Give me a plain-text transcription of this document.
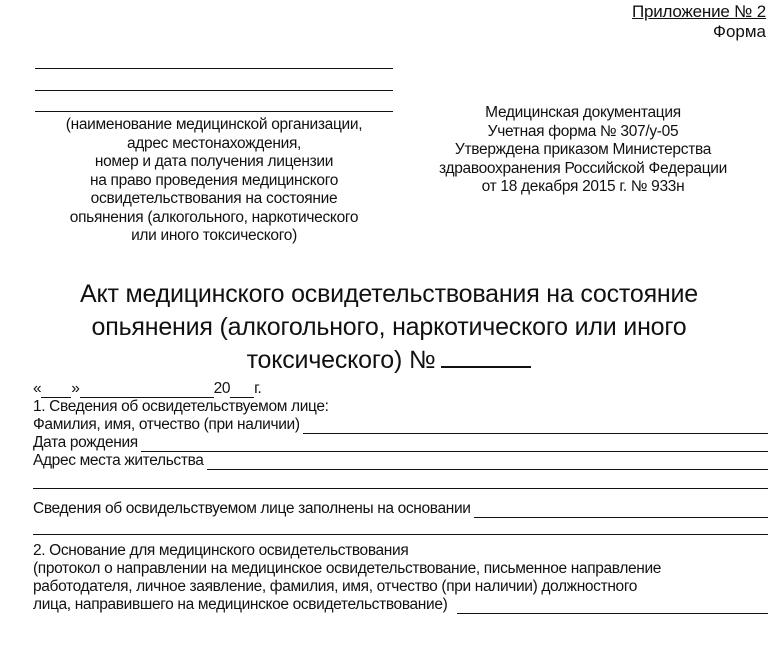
Приложение № 2
Форма
(наименование медицинской организации,
адрес местонахождения,
номер и дата получения лицензии
на право проведения медицинского
освидетельствования на состояние
опьянения (алкогольного, наркотического
или иного токсического)
Медицинская документация
Учетная форма № 307/у-05
Утверждена приказом Министерства
здравоохранения Российской Федерации
от 18 декабря 2015 г. № 933н
Акт медицинского освидетельствования на состояние
опьянения (алкогольного, наркотического или иного
токсического) №
« »	20 г.
1. Сведения об освидетельствуемом лице:
Фамилия, имя, отчество (при наличии)
Дата рождения
Адрес места жительства
Сведения об освидельствуемом лице заполнены на основании
2. Основание для медицинского освидетельствования
(протокол о направлении на медицинское освидетельствование, письменное направление
работодателя, личное заявление, фамилия, имя, отчество (при наличии) должностного
лица, направившего на медицинское освидетельствование)
